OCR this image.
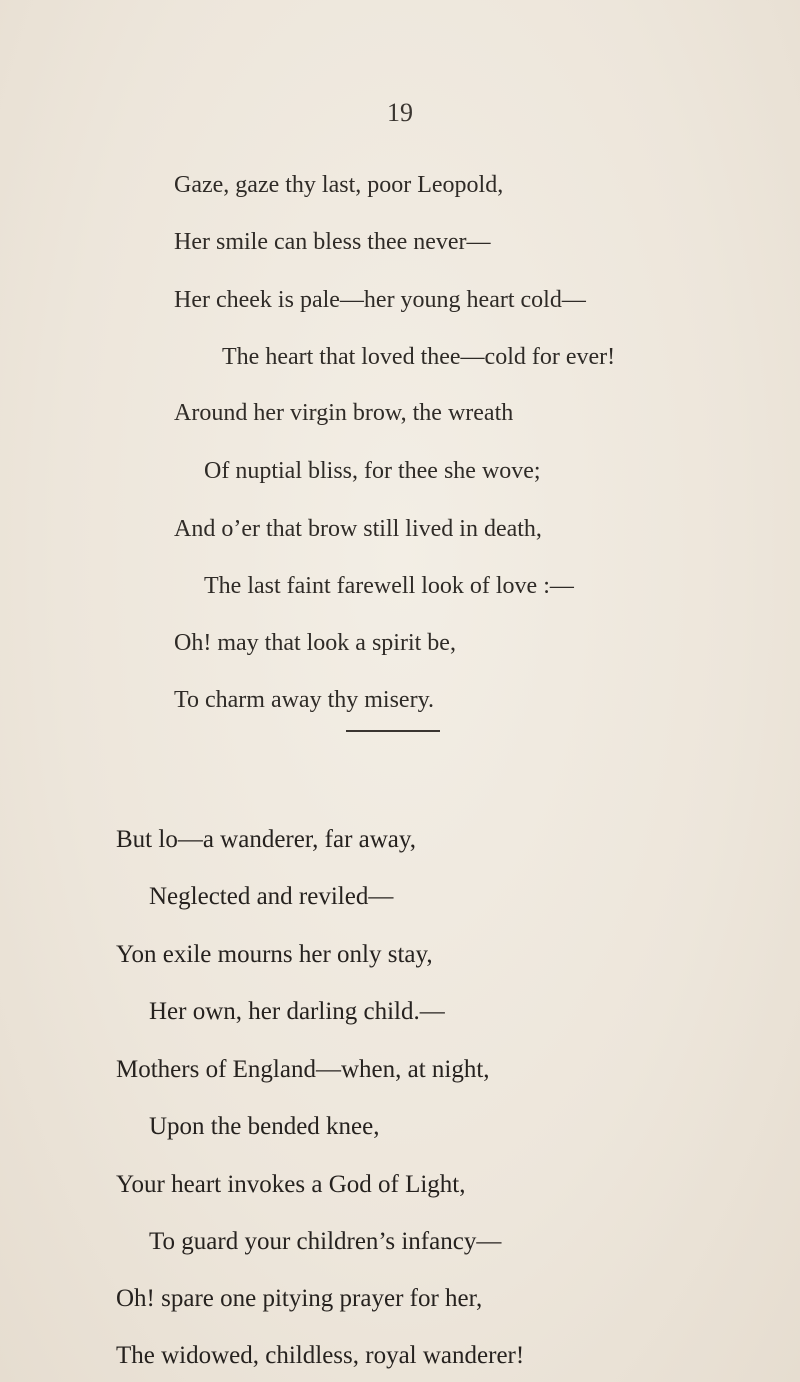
19
Gaze, gaze thy last, poor Leopold,
Her smile can bless thee never—
Her cheek is pale—her young heart cold—
The heart that loved thee—cold for ever!
Around her virgin brow, the wreath
Of nuptial bliss, for thee she wove;
And o’er that brow still lived in death,
The last faint farewell look of love :—
Oh! may that look a spirit be,
To charm away thy misery.
But lo—a wanderer, far away,
Neglected and reviled—
Yon exile mourns her only stay,
Her own, her darling child.—
Mothers of England—when, at night,
Upon the bended knee,
Your heart invokes a God of Light,
To guard your children’s infancy—
Oh! spare one pitying prayer for her,
The widowed, childless, royal wanderer!
